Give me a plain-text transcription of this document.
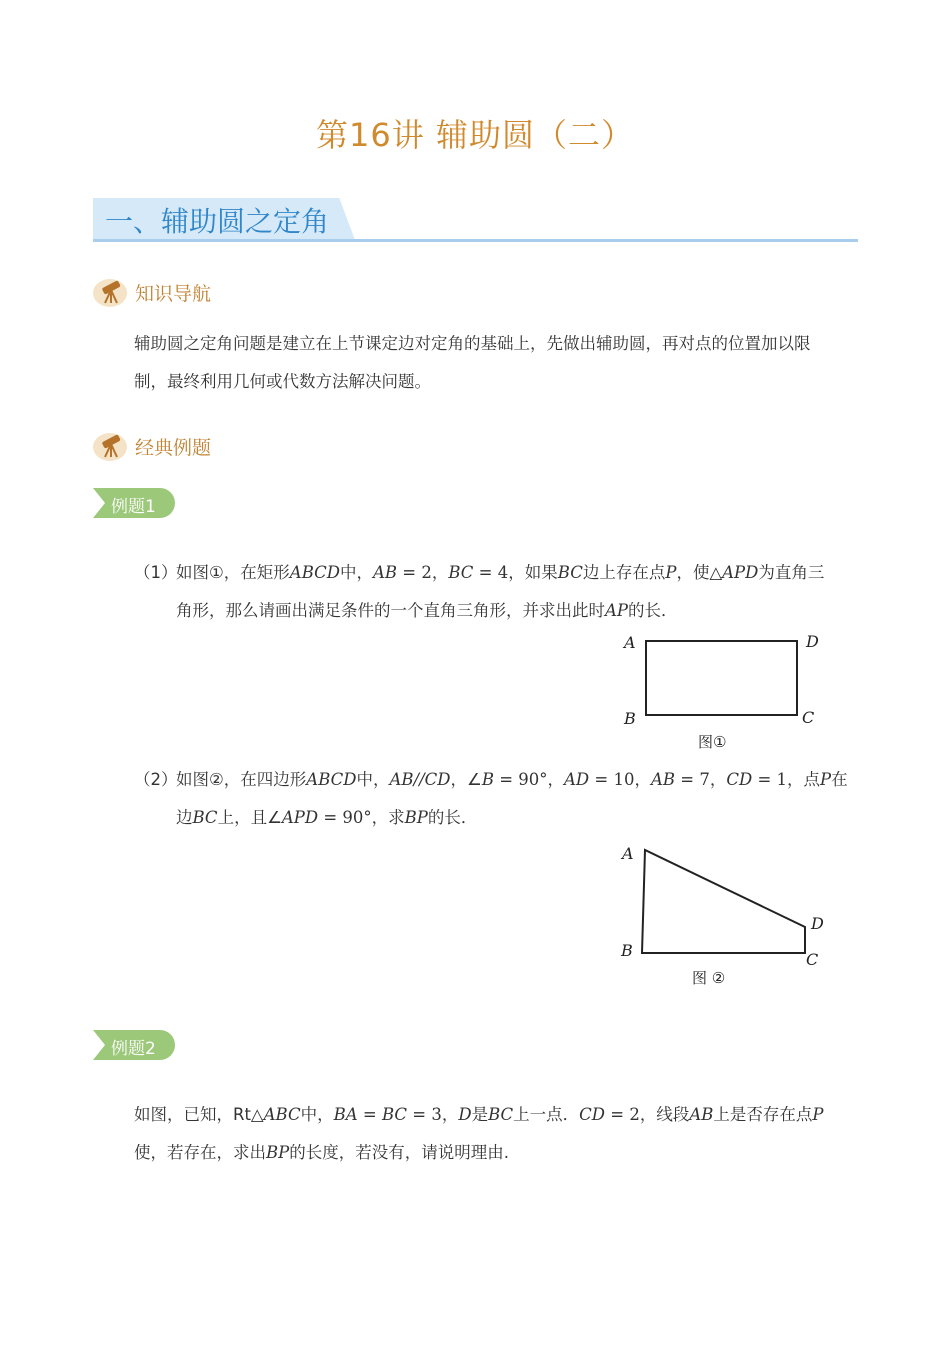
第16讲 辅助圆（二）
一、辅助圆之定角
知识导航
辅助圆之定角问题是建立在上节课定边对定角的基础上，先做出辅助圆，再对点的位置加以限
制，最终利用几何或代数方法解决问题。
经典例题
例题1
（1）
如图①，在矩形ABCD中，AB = 2，BC = 4，如果BC边上存在点P，使△APD为直角三
角形，那么请画出满足条件的一个直角三角形，并求出此时AP的长．
A	D
B	C
图①
（2）
如图②，在四边形ABCD中，AB//CD，∠B = 90°，AD = 10，AB = 7，CD = 1，点P在
边BC上，且∠APD = 90°，求BP的长．
A
D
B	C
图 ②
例题2
如图，已知，Rt△ABC中，BA = BC = 3，D是BC上一点．CD = 2，线段AB上是否存在点P
使，若存在，求出BP的长度，若没有，请说明理由.
